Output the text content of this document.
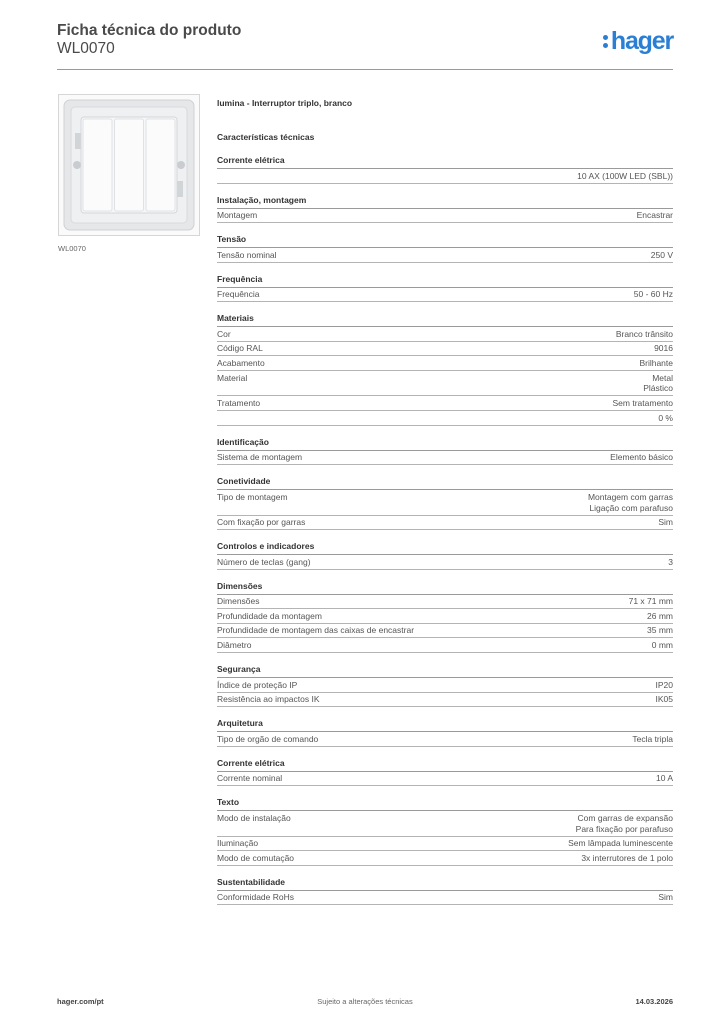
Ficha técnica do produto
WL0070	hager
WL0070
lumina - Interruptor triplo, branco
Características técnicas
Corrente elétrica
10 AX (100W LED (SBL))
Instalação, montagem
Montagem	Encastrar
Tensão
Tensão nominal	250 V
Frequência
Frequência	50 - 60 Hz
Materiais
Cor	Branco trânsito
Código RAL	9016
Acabamento	Brilhante
Material	Metal
Plástico
Tratamento	Sem tratamento
0 %
Identificação
Sistema de montagem	Elemento básico
Conetividade
Tipo de montagem	Montagem com garras
Ligação com parafuso
Com fixação por garras	Sim
Controlos e indicadores
Número de teclas (gang)	3
Dimensões
Dimensões	71 x 71 mm
Profundidade da montagem	26 mm
Profundidade de montagem das caixas de encastrar	35 mm
Diâmetro	0 mm
Segurança
Índice de proteção IP	IP20
Resistência ao impactos IK	IK05
Arquitetura
Tipo de orgão de comando	Tecla tripla
Corrente elétrica
Corrente nominal	10 A
Texto
Modo de instalação	Com garras de expansão
Para fixação por parafuso
Iluminação	Sem lâmpada luminescente
Modo de comutação	3x interrutores de 1 polo
Sustentabilidade
Conformidade RoHs	Sim
hager.com/pt	Sujeito a alterações técnicas	14.03.2026
